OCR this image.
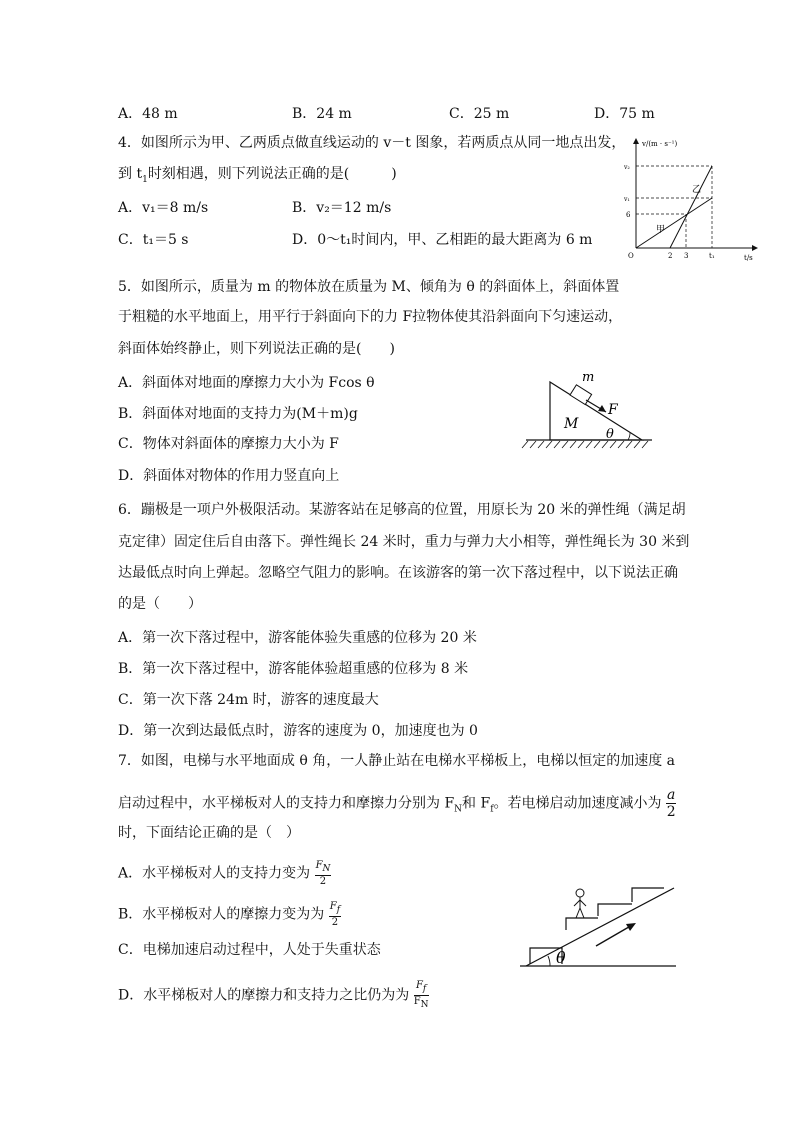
A．48 m	B．24 m	C．25 m	D．75 m
4．如图所示为甲、乙两质点做直线运动的 v－t 图象，若两质点从同一地点出发，
到 $t_1$时刻相遇，则下列说法正确的是(　　　)
A．v₁＝8 m/s	B．v₂＝12 m/s
C．t₁＝5 s	D．0～t₁时间内，甲、乙相距的最大距离为 6 m
v/(m · s⁻¹)
t/s
O
v₂
v₁
6
2 3	t₁
甲
乙
5．如图所示，质量为 m 的物体放在质量为 M、倾角为 θ 的斜面体上，斜面体置
于粗糙的水平地面上，用平行于斜面向下的力 F拉物体使其沿斜面向下匀速运动，
斜面体始终静止，则下列说法正确的是(　　)
A．斜面体对地面的摩擦力大小为 Fcos θ
B．斜面体对地面的支持力为(M＋m)g
C．物体对斜面体的摩擦力大小为 F
D．斜面体对物体的作用力竖直向上
m
M
F
θ
6．蹦极是一项户外极限活动。某游客站在足够高的位置，用原长为 20 米的弹性绳（满足胡
克定律）固定住后自由落下。弹性绳长 24 米时，重力与弹力大小相等，弹性绳长为 30 米到
达最低点时向上弹起。忽略空气阻力的影响。在该游客的第一次下落过程中，以下说法正确
的是（　　）
A．第一次下落过程中，游客能体验失重感的位移为 20 米
B．第一次下落过程中，游客能体验超重感的位移为 8 米
C．第一次下落 24m 时，游客的速度最大
D．第一次到达最低点时，游客的速度为 0，加速度也为 0
7．如图，电梯与水平地面成 θ 角，一人静止站在电梯水平梯板上，电梯以恒定的加速度 a
启动过程中，水平梯板对人的支持力和摩擦力分别为 $F_N$和 $F_f$。若电梯启动加速度减小为 $\frac{a}{2}$
时，下面结论正确的是（　）
A．水平梯板对人的支持力变为 $\frac{F_N}{2}$
B．水平梯板对人的摩擦力变为为 $\frac{F_f}{2}$
C．电梯加速启动过程中，人处于失重状态
D．水平梯板对人的摩擦力和支持力之比仍为为 $\frac{F_f}{F_N}$
θ
